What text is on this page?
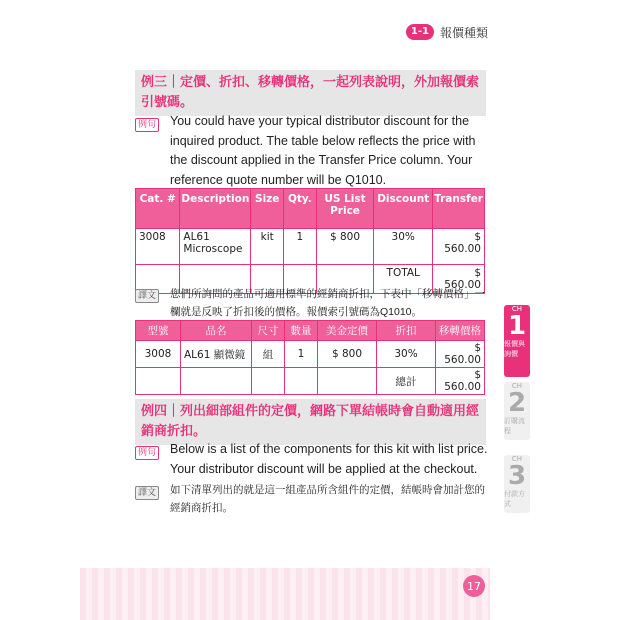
1-1 報價種類
例三｜定價、折扣、移轉價格，一起列表說明，外加報價索引號碼。
例句 You could have your typical distributor discount for the inquired product. The table below reflects the price with the discount applied in the Transfer Price column. Your reference quote number will be Q1010.
Cat. #	Description	Size	Qty.	US List Price	Discount	Transfer
3008	AL61 Microscope	kit	1	$ 800	30%	$ 560.00
					TOTAL	$ 560.00
譯文 您們所詢問的產品可適用標準的經銷商折扣，下表中「移轉價格」一欄就是反映了折扣後的價格。報價索引號碼為Q1010。
型號	品名	尺寸	數量	美金定價	折扣	移轉價格
3008	AL61 顯微鏡	組	1	$ 800	30%	$ 560.00
					總計	$ 560.00
例四｜列出細部組件的定價，網路下單結帳時會自動適用經銷商折扣。
例句 Below is a list of the components for this kit with list price. Your distributor discount will be applied at the checkout.
譯文 如下清單列出的就是這一組產品所含組件的定價，結帳時會加計您的經銷商折扣。
CH
1
報價與詢價
CH
2
訂購流程
CH
3
付款方式
17
